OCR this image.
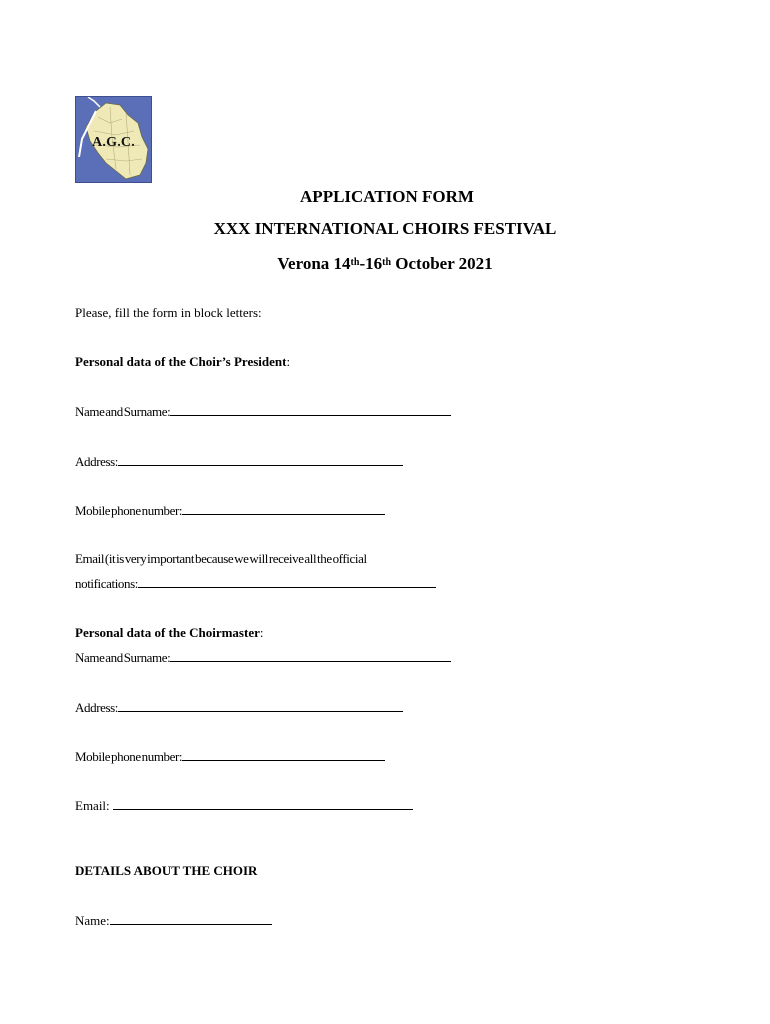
A.G.C.
APPLICATION FORM
XXX INTERNATIONAL CHOIRS FESTIVAL
Verona 14th-16th October 2021
Please, fill the form in block letters:
Personal data of the Choir’s President:
Name and Surname:
Address:
Mobile phone number:
Email (it is very important because we will receive all the official
notifications:
Personal data of the Choirmaster:
Name and Surname:
Address:
Mobile phone number:
Email:
DETAILS ABOUT THE CHOIR
Name:
